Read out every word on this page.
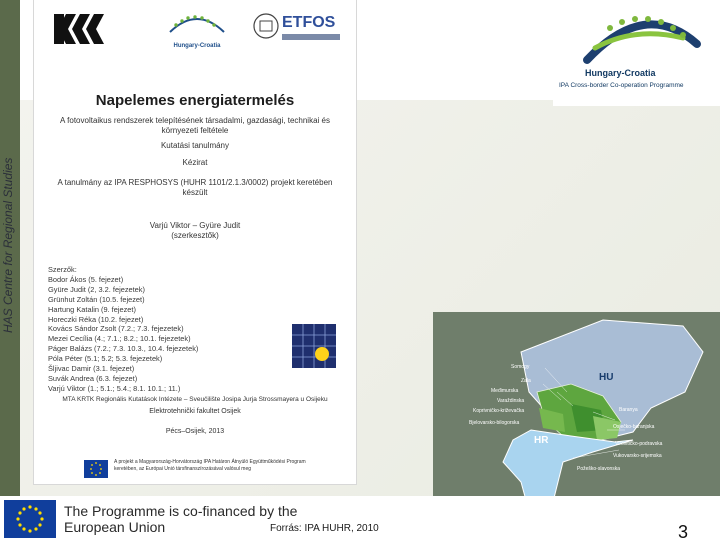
HAS Centre for Regional Studies
Hungary-Croatia
ETFOS
Napelemes energiatermelés
A fotovoltaikus rendszerek telepítésének társadalmi, gazdasági, technikai és környezeti feltétele
Kutatási tanulmány
Kézirat
A tanulmány az IPA RESPHOSYS (HUHR 1101/2.1.3/0002) projekt keretében készült
Varjú Viktor – Gyüre Judit
(szerkesztők)
Szerzők:
Bodor Ákos (5. fejezet)
Gyüre Judit (2, 3.2. fejezetek)
Grünhut Zoltán (10.5. fejezet)
Hartung Katalin (9. fejezet)
Horeczki Réka (10.2. fejezet)
Kovács Sándor Zsolt (7.2.; 7.3. fejezetek)
Mezei Cecília (4.; 7.1.; 8.2.; 10.1. fejezetek)
Páger Balázs (7.2.; 7.3. 10.3., 10.4. fejezetek)
Póla Péter (5.1; 5.2; 5.3. fejezetek)
Šljivac Damir (3.1. fejezet)
Suvák Andrea (6.3. fejezet)
Varjú Viktor (1.; 5.1.; 5.4.; 8.1. 10.1.; 11.)
MTA KRTK Regionális Kutatások Intézete – Sveučilište Josipa Jurja Strossmayera u Osijeku
Elektrotehnički fakultet Osijek
Pécs–Osijek, 2013
A projekt a Magyarország-Horvátország IPA Határon Átnyúló Együttműködési Program keretében, az Európai Unió társfinanszírozásával valósul meg
Hungary-Croatia
IPA Cross-border Co-operation Programme
HU
HR
Somogy
Zala
Međimurska
Varaždinska
Koprivničko-križevačka
Bjelovarsko-bilogorska
Virovitičko-podravska
Osječko-baranjska
Vukovarsko-srijemska
Požeško-slavonska
Baranya
The Programme is co-financed by the
European Union	Forrás: IPA HUHR, 2010	3
